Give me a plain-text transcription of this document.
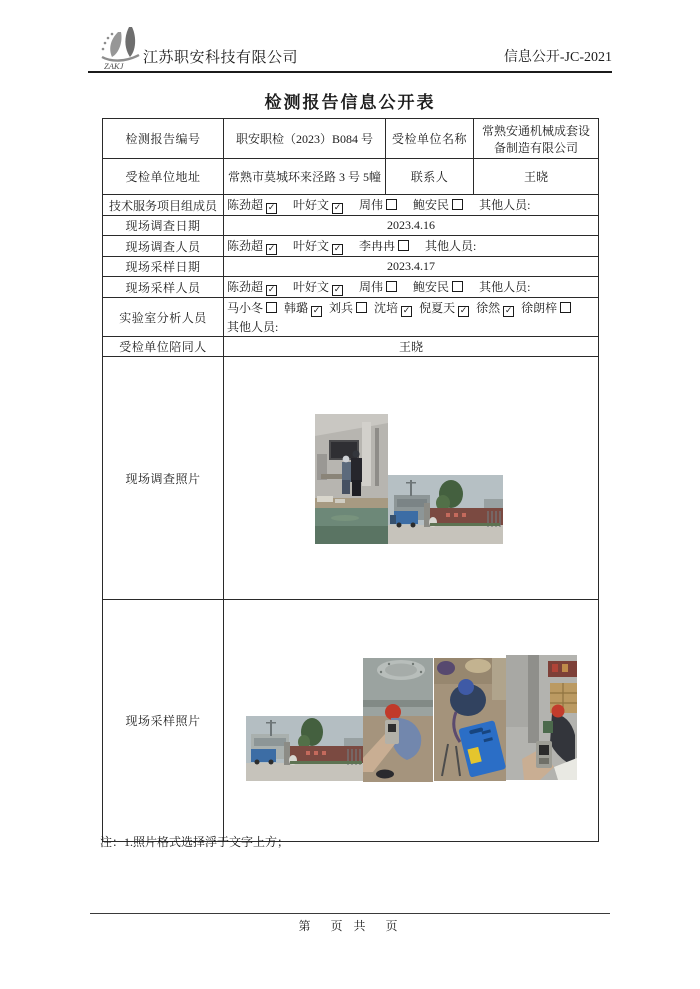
ZAKJ 江苏职安科技有限公司	信息公开-JC-2021
检测报告信息公开表
检测报告编号	职安职检（2023）B084 号	受检单位名称	常熟安通机械成套设备制造有限公司
受检单位地址	常熟市莫城环来泾路 3 号 5幢	联系人	王晓
技术服务项目组成员	陈劲超 ✓ 叶好文 ✓ 周伟 鲍安民 其他人员:		
现场调查日期	2023.4.16		
现场调查人员	陈劲超 ✓ 叶好文 ✓ 李冉冉 其他人员:		
现场采样日期	2023.4.17		
现场采样人员	陈劲超 ✓ 叶好文 ✓ 周伟 鲍安民 其他人员:		
实验室分析人员	马小冬 韩璐 ✓ 刘兵 沈培 ✓ 倪夏天 ✓ 徐然 ✓ 徐朗梓
其他人员:		

受检单位陪同人	王晓		
现场调查照片	

现场采样照片	
注：1.照片格式选择浮于文字上方；
第　页 共　页
